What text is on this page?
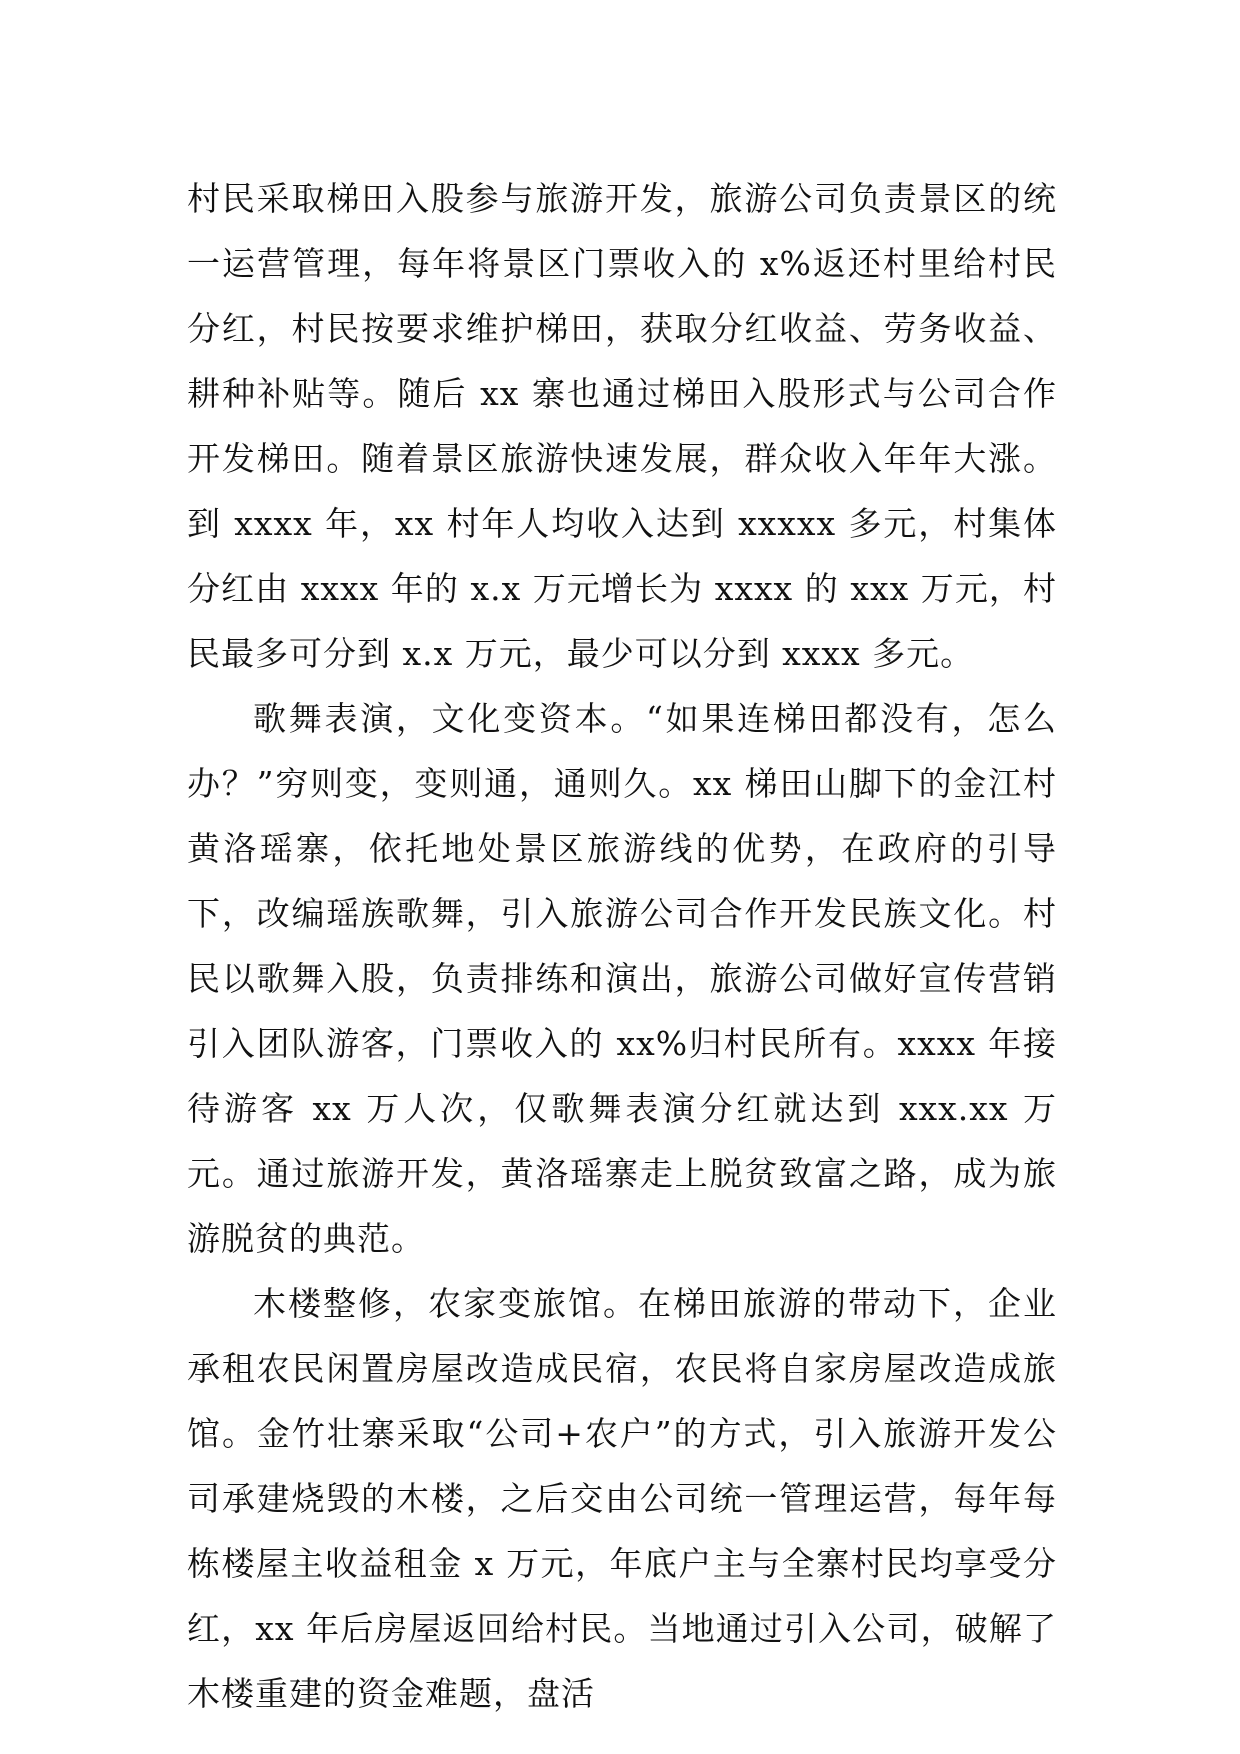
村民采取梯田入股参与旅游开发，旅游公司负责景区的统一运营管理，每年将景区门票收入的 x%返还村里给村民分红，村民按要求维护梯田，获取分红收益、劳务收益、耕种补贴等。随后 xx 寨也通过梯田入股形式与公司合作开发梯田。随着景区旅游快速发展，群众收入年年大涨。到 xxxx 年，xx 村年人均收入达到 xxxxx 多元，村集体分红由 xxxx 年的 x.x 万元增长为 xxxx 的 xxx 万元，村民最多可分到 x.x 万元，最少可以分到 xxxx 多元。

歌舞表演，文化变资本。“如果连梯田都没有，怎么办？”穷则变，变则通，通则久。xx 梯田山脚下的金江村黄洛瑶寨，依托地处景区旅游线的优势，在政府的引导下，改编瑶族歌舞，引入旅游公司合作开发民族文化。村民以歌舞入股，负责排练和演出，旅游公司做好宣传营销引入团队游客，门票收入的 xx%归村民所有。xxxx 年接待游客 xx 万人次，仅歌舞表演分红就达到 xxx.xx 万元。通过旅游开发，黄洛瑶寨走上脱贫致富之路，成为旅游脱贫的典范。

木楼整修，农家变旅馆。在梯田旅游的带动下，企业承租农民闲置房屋改造成民宿，农民将自家房屋改造成旅馆。金竹壮寨采取“公司+农户”的方式，引入旅游开发公司承建烧毁的木楼，之后交由公司统一管理运营，每年每栋楼屋主收益租金 x 万元，年底户主与全寨村民均享受分红，xx 年后房屋返回给村民。当地通过引入公司，破解了木楼重建的资金难题，盘活
